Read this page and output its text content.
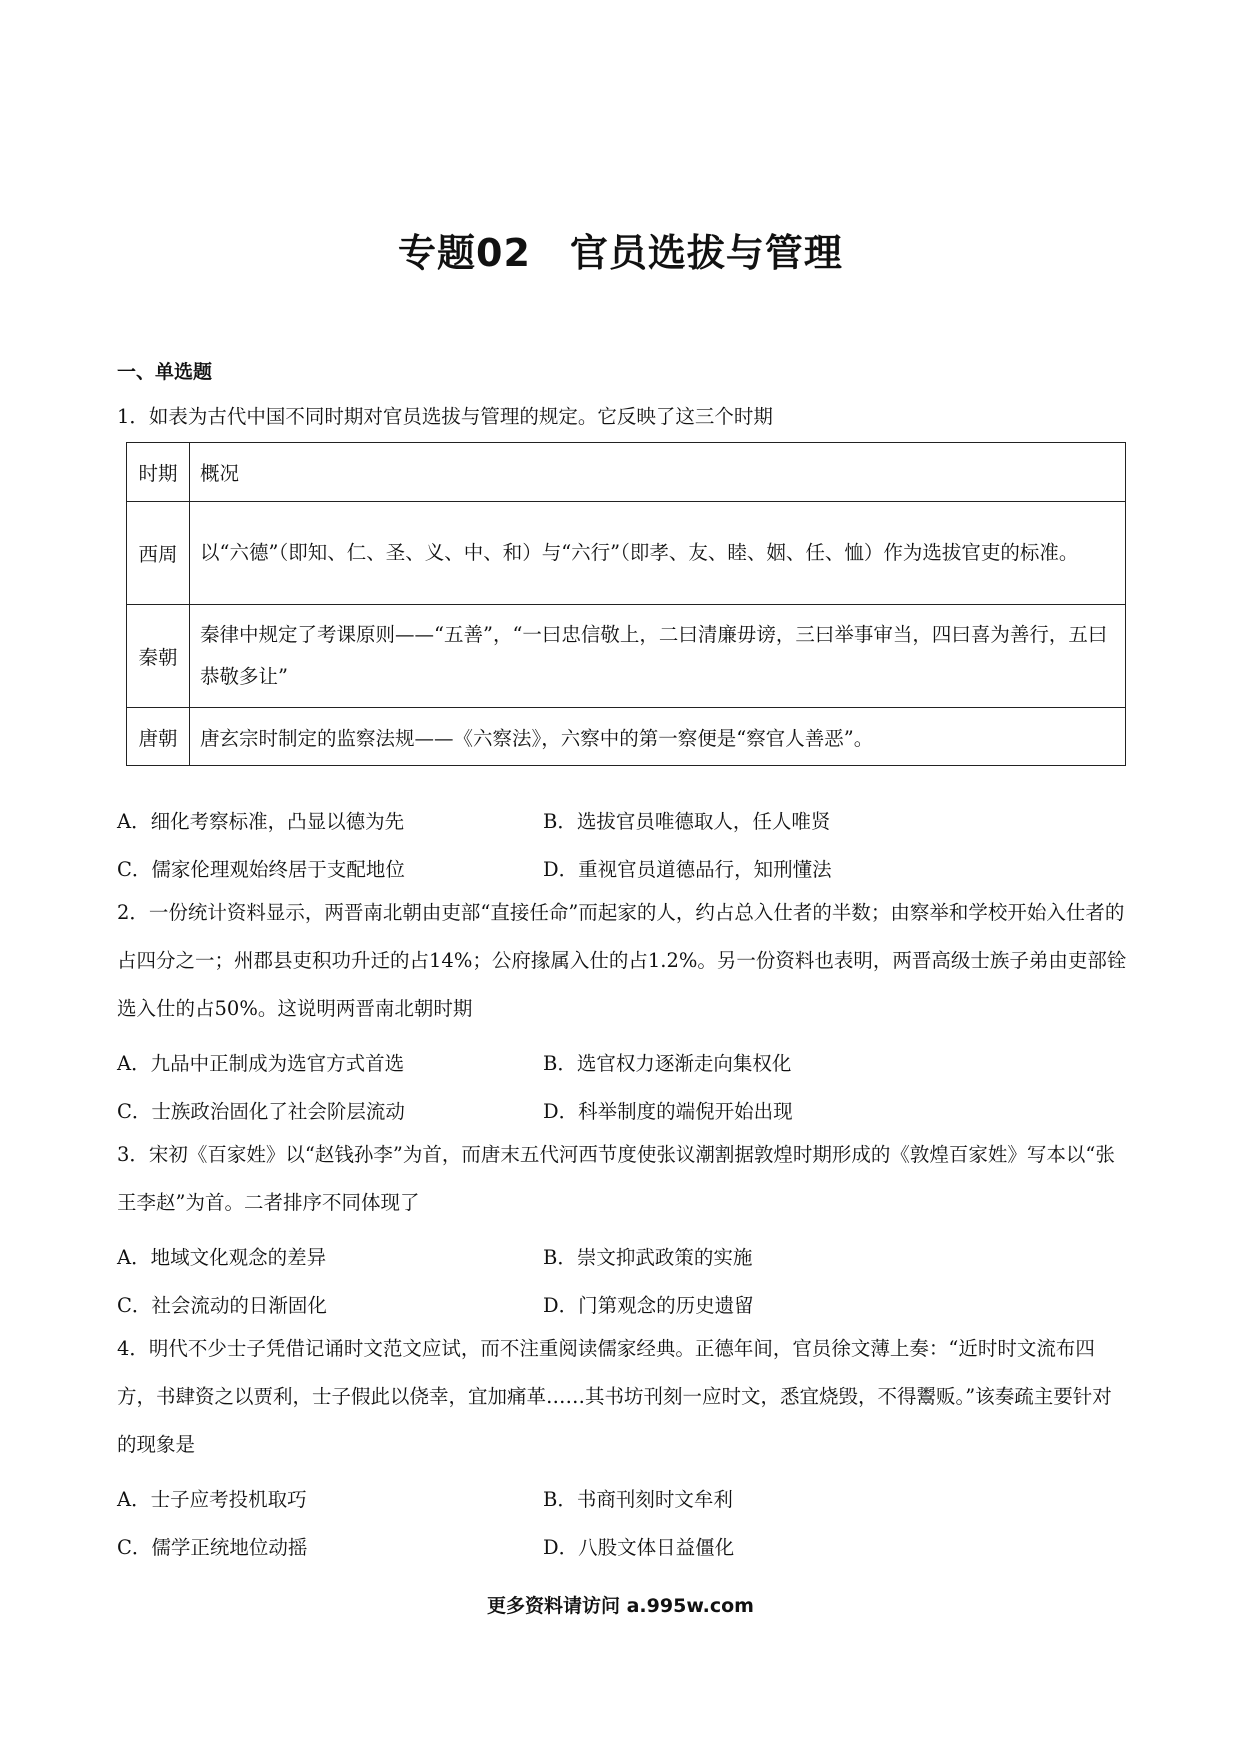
专题02　官员选拔与管理
一、单选题
1．如表为古代中国不同时期对官员选拔与管理的规定。它反映了这三个时期
时期	概况
西周	以“六德”（即知、仁、圣、义、中、和）与“六行”（即孝、友、睦、姻、任、恤）作为选拔官吏的标准。
秦朝	秦律中规定了考课原则——“五善”，“一曰忠信敬上，二曰清廉毋谤，三曰举事审当，四曰喜为善行，五曰恭敬多让”
唐朝	唐玄宗时制定的监察法规——《六察法》，六察中的第一察便是“察官人善恶”。
A．细化考察标准，凸显以德为先	B．选拔官员唯德取人，任人唯贤
C．儒家伦理观始终居于支配地位	D．重视官员道德品行，知刑懂法
2．一份统计资料显示，两晋南北朝由吏部“直接任命”而起家的人，约占总入仕者的半数；由察举和学校开始入仕者的占四分之一；州郡县吏积功升迁的占14%；公府掾属入仕的占1.2%。另一份资料也表明，两晋高级士族子弟由吏部铨选入仕的占50%。这说明两晋南北朝时期
A．九品中正制成为选官方式首选	B．选官权力逐渐走向集权化
C．士族政治固化了社会阶层流动	D．科举制度的端倪开始出现
3．宋初《百家姓》以“赵钱孙李”为首，而唐末五代河西节度使张议潮割据敦煌时期形成的《敦煌百家姓》写本以“张王李赵”为首。二者排序不同体现了
A．地域文化观念的差异	B．崇文抑武政策的实施
C．社会流动的日渐固化	D．门第观念的历史遗留
4．明代不少士子凭借记诵时文范文应试，而不注重阅读儒家经典。正德年间，官员徐文薄上奏：“近时时文流布四方，书肆资之以贾利，士子假此以侥幸，宜加痛革……其书坊刊刻一应时文，悉宜烧毁，不得鬻贩。”该奏疏主要针对的现象是
A．士子应考投机取巧	B．书商刊刻时文牟利
C．儒学正统地位动摇	D．八股文体日益僵化
更多资料请访问 a.995w.com
